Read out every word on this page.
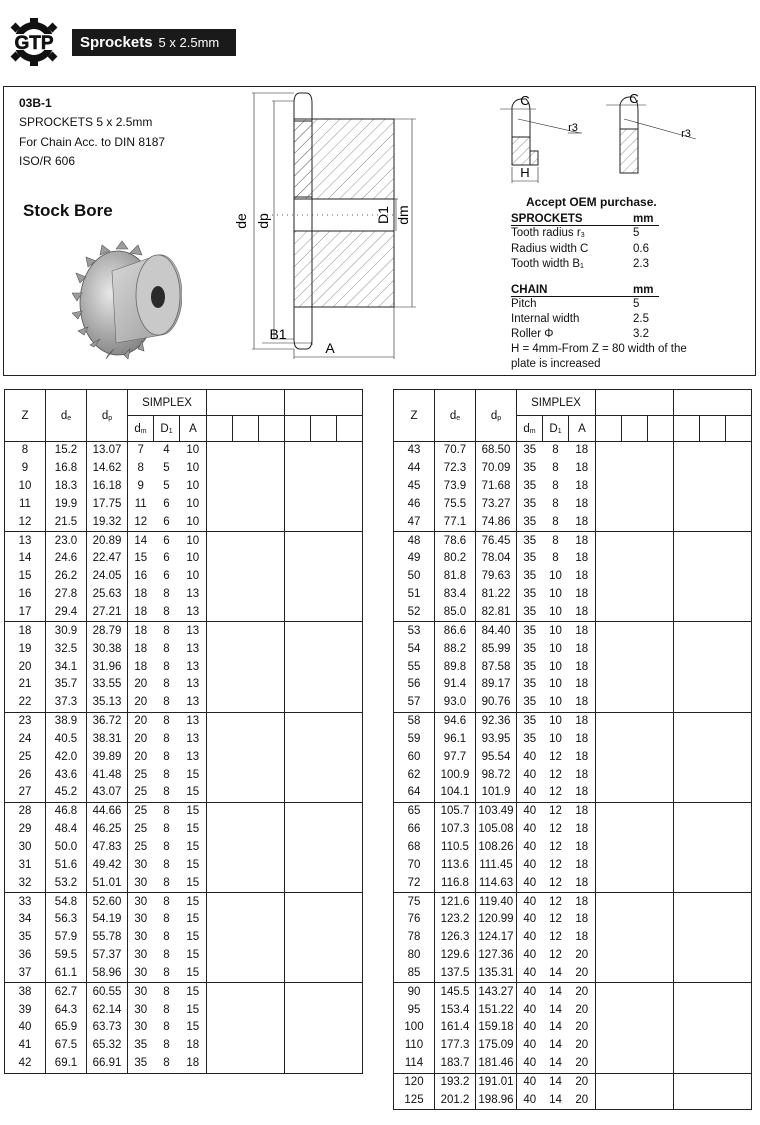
GTP Sprockets 5 x 2.5mm
03B-1
SPROCKETS 5 x 2.5mm
For Chain Acc. to DIN 8187
ISO/R 606
Stock Bore
de dp	D1 dm
B1
A
C
r3
H
C
r3
Accept OEM purchase.
SPROCKETS	mm
Tooth radius $r_3$	5
Radius width C	0.6
Tooth width $B_1$	2.3
CHAIN	mm
Pitch	5
Internal width	2.5
Roller Φ	3.2
H = 4mm-From Z = 80 width of the plate is increased
Z	$d_e$	$d_p$	SIMPLEX								
			$d_m$	$D_1$	A						
8	15.2	13.07	7	4	10						
9	16.8	14.62	8	5	10						
10	18.3	16.18	9	5	10						
11	19.9	17.75	11	6	10						
12	21.5	19.32	12	6	10						
13	23.0	20.89	14	6	10						
14	24.6	22.47	15	6	10						
15	26.2	24.05	16	6	10						
16	27.8	25.63	18	8	13						
17	29.4	27.21	18	8	13						
18	30.9	28.79	18	8	13						
19	32.5	30.38	18	8	13						
20	34.1	31.96	18	8	13						
21	35.7	33.55	20	8	13						
22	37.3	35.13	20	8	13						
23	38.9	36.72	20	8	13						
24	40.5	38.31	20	8	13						
25	42.0	39.89	20	8	13						
26	43.6	41.48	25	8	15						
27	45.2	43.07	25	8	15						
28	46.8	44.66	25	8	15						
29	48.4	46.25	25	8	15						
30	50.0	47.83	25	8	15						
31	51.6	49.42	30	8	15						
32	53.2	51.01	30	8	15						
33	54.8	52.60	30	8	15						
34	56.3	54.19	30	8	15						
35	57.9	55.78	30	8	15						
36	59.5	57.37	30	8	15						
37	61.1	58.96	30	8	15						
38	62.7	60.55	30	8	15						
39	64.3	62.14	30	8	15						
40	65.9	63.73	30	8	15						
41	67.5	65.32	35	8	18						
42	69.1	66.91	35	8	18						
Z	$d_e$	$d_p$	SIMPLEX								
			$d_m$	$D_1$	A						
43	70.7	68.50	35	8	18						
44	72.3	70.09	35	8	18						
45	73.9	71.68	35	8	18						
46	75.5	73.27	35	8	18						
47	77.1	74.86	35	8	18						
48	78.6	76.45	35	8	18						
49	80.2	78.04	35	8	18						
50	81.8	79.63	35	10	18						
51	83.4	81.22	35	10	18						
52	85.0	82.81	35	10	18						
53	86.6	84.40	35	10	18						
54	88.2	85.99	35	10	18						
55	89.8	87.58	35	10	18						
56	91.4	89.17	35	10	18						
57	93.0	90.76	35	10	18						
58	94.6	92.36	35	10	18						
59	96.1	93.95	35	10	18						
60	97.7	95.54	40	12	18						
62	100.9	98.72	40	12	18						
64	104.1	101.9	40	12	18						
65	105.7	103.49	40	12	18						
66	107.3	105.08	40	12	18						
68	110.5	108.26	40	12	18						
70	113.6	111.45	40	12	18						
72	116.8	114.63	40	12	18						
75	121.6	119.40	40	12	18						
76	123.2	120.99	40	12	18						
78	126.3	124.17	40	12	18						
80	129.6	127.36	40	12	20						
85	137.5	135.31	40	14	20						
90	145.5	143.27	40	14	20						
95	153.4	151.22	40	14	20						
100	161.4	159.18	40	14	20						
110	177.3	175.09	40	14	20						
114	183.7	181.46	40	14	20						
120	193.2	191.01	40	14	20						
125	201.2	198.96	40	14	20						
